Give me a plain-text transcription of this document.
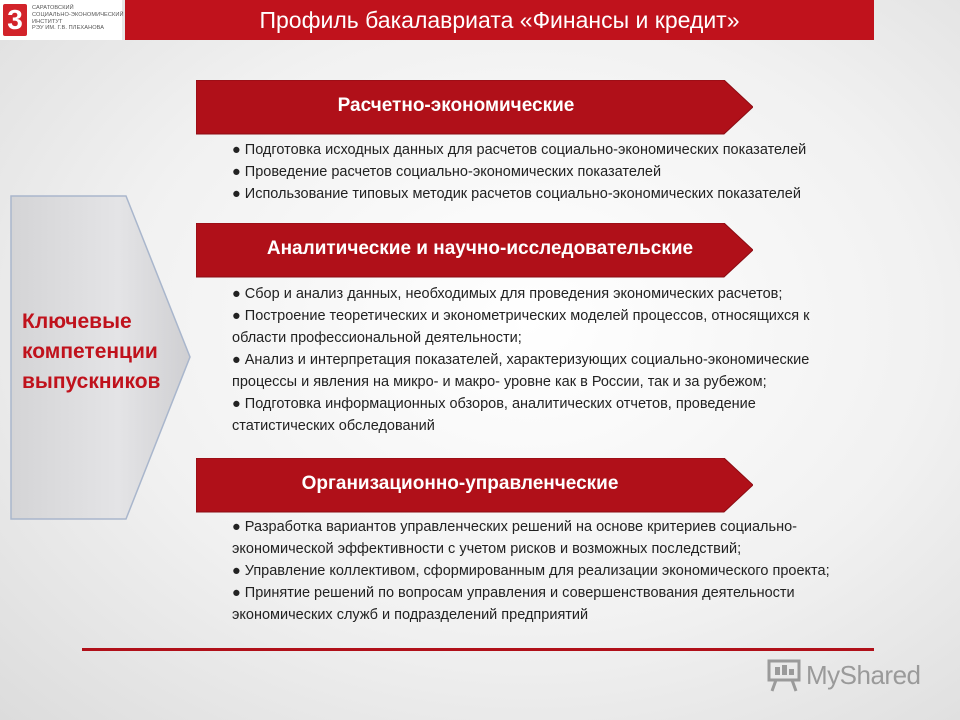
3	САРАТОВСКИЙ
СОЦИАЛЬНО-ЭКОНОМИЧЕСКИЙ
ИНСТИТУТ
РЭУ ИМ. Г.В. ПЛЕХАНОВА	Профиль бакалавриата «Финансы и кредит»
Ключевые
компетенции
выпускников
Расчетно-экономические
● Подготовка исходных данных для расчетов социально-экономических показателей
● Проведение расчетов социально-экономических показателей
● Использование типовых методик расчетов социально-экономических показателей
Аналитические и научно-исследовательские
● Сбор и анализ данных, необходимых для проведения экономических расчетов;
● Построение теоретических и эконометрических моделей процессов, относящихся к
области профессиональной деятельности;
● Анализ и интерпретация показателей, характеризующих социально-экономические
процессы и явления на микро- и макро- уровне как в России, так и за рубежом;
● Подготовка информационных обзоров, аналитических отчетов, проведение
статистических обследований
Организационно-управленческие
● Разработка вариантов управленческих решений на основе критериев социально-
экономической эффективности с учетом рисков и возможных последствий;
● Управление коллективом, сформированным для реализации экономического проекта;
● Принятие решений по вопросам управления и совершенствования деятельности
экономических служб и подразделений предприятий
MyShared
